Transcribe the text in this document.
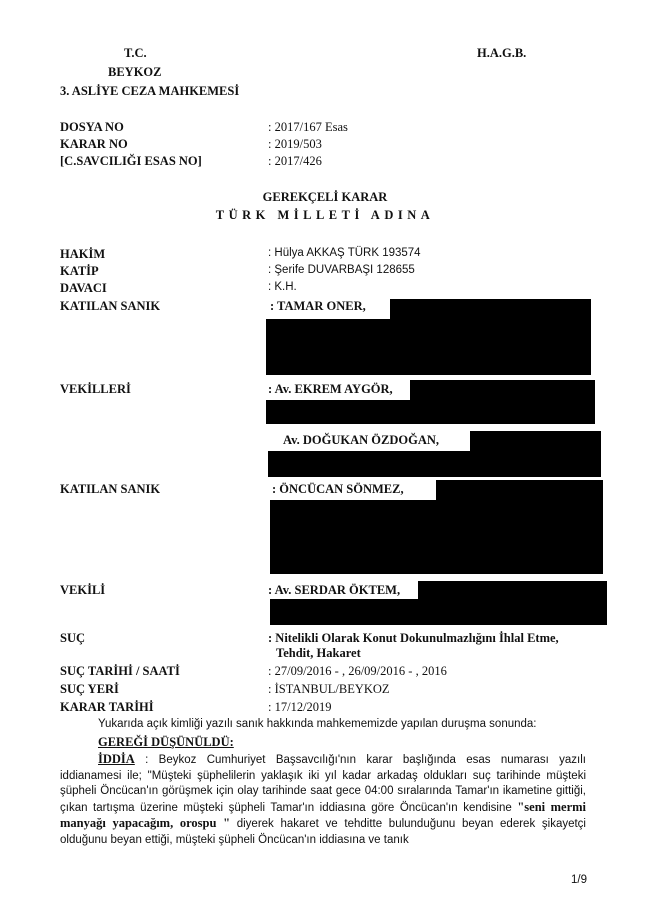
T.C.
BEYKOZ
3. ASLİYE CEZA MAHKEMESİ
H.A.G.B.
DOSYA NO	: 2017/167 Esas
KARAR NO	: 2019/503
[C.SAVCILIĞI ESAS NO]	: 2017/426
GEREKÇELİ KARAR
TÜRK MİLLETİ ADINA
HAKİM	: Hülya AKKAŞ TÜRK 193574
KATİP	: Şerife DUVARBAŞI 128655
DAVACI	: K.H.
KATILAN SANIK	: TAMAR ONER,
VEKİLLERİ	: Av. EKREM AYGÖR,
Av. DOĞUKAN ÖZDOĞAN,
KATILAN SANIK	: ÖNCÜCAN SÖNMEZ,
VEKİLİ	: Av. SERDAR ÖKTEM,
SUÇ	: Nitelikli Olarak Konut Dokunulmazlığını İhlal Etme,
Tehdit, Hakaret
SUÇ TARİHİ / SAATİ	: 27/09/2016 - , 26/09/2016 - , 2016
SUÇ YERİ	: İSTANBUL/BEYKOZ
KARAR TARİHİ	: 17/12/2019
Yukarıda açık kimliği yazılı sanık hakkında mahkememizde yapılan duruşma sonunda:
GEREĞİ DÜŞÜNÜLDÜ:
İDDİA : Beykoz Cumhuriyet Başsavcılığı'nın karar başlığında esas numarası yazılı iddianamesi ile; "Müşteki şüphelilerin yaklaşık iki yıl kadar arkadaş oldukları suç tarihinde müşteki şüpheli Öncücan'ın görüşmek için olay tarihinde saat gece 04:00 sıralarında Tamar'ın ikametine gittiği, çıkan tartışma üzerine müşteki şüpheli Tamar'ın iddiasına göre Öncücan'ın kendisine "seni mermi manyağı yapacağım, orospu " diyerek hakaret ve tehditte bulunduğunu beyan ederek şikayetçi olduğunu beyan ettiği, müşteki şüpheli Öncücan'ın iddiasına ve tanık
1/9
